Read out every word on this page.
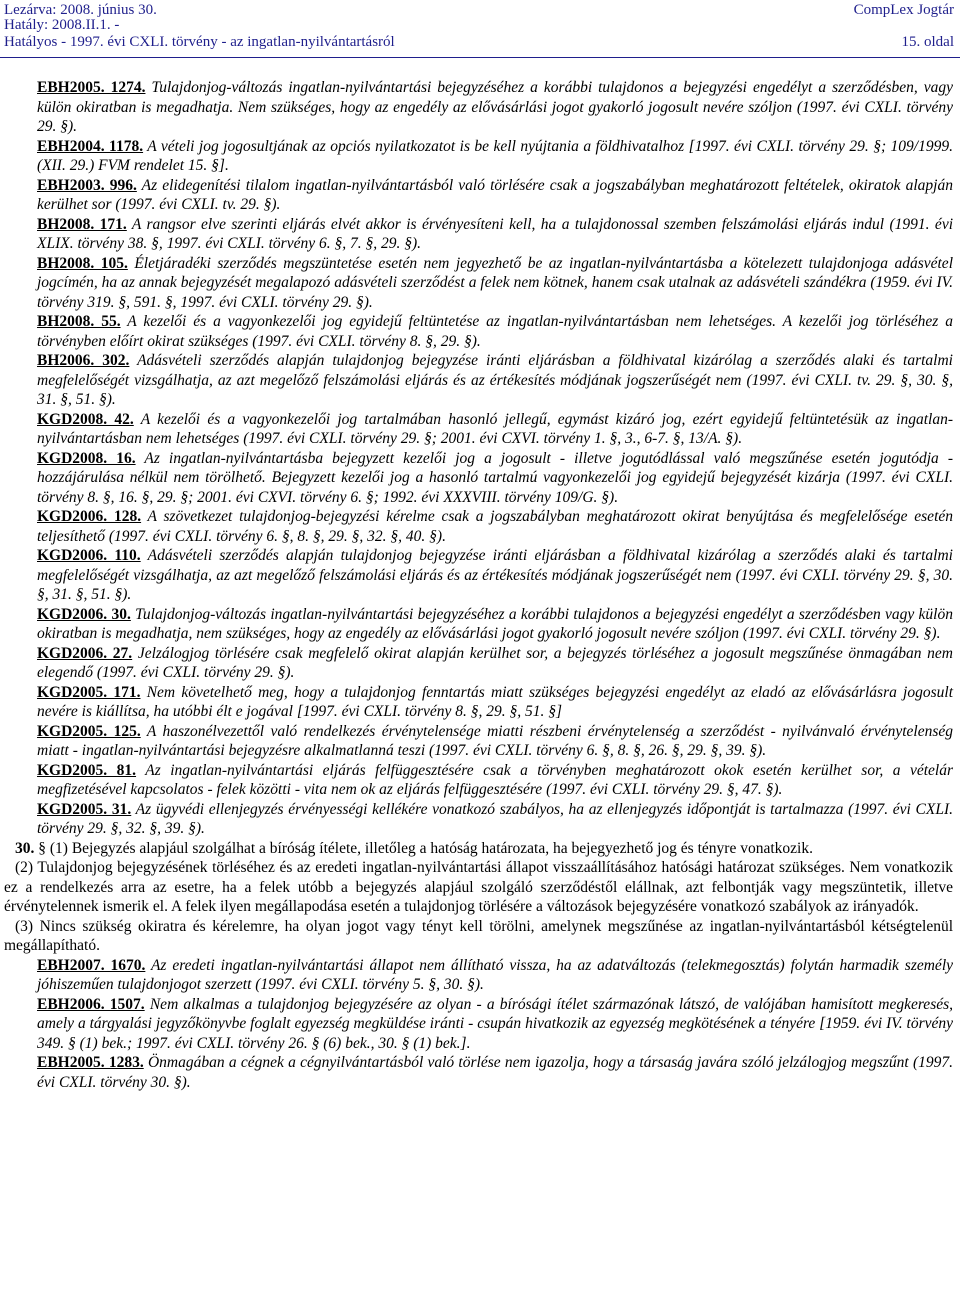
Lezárva: 2008. június 30.
Hatály: 2008.II.1. -
Hatályos - 1997. évi CXLI. törvény - az ingatlan-nyilvántartásról
CompLex Jogtár
15. oldal

EBH2005. 1274. Tulajdonjog-változás ingatlan-nyilvántartási bejegyzéséhez a korábbi tulajdonos a bejegyzési engedélyt a szerződésben, vagy külön okiratban is megadhatja. Nem szükséges, hogy az engedély az elővásárlási jogot gyakorló jogosult nevére szóljon (1997. évi CXLI. törvény 29. §).

EBH2004. 1178. A vételi jog jogosultjának az opciós nyilatkozatot is be kell nyújtania a földhivatalhoz [1997. évi CXLI. törvény 29. §; 109/1999. (XII. 29.) FVM rendelet 15. §].

EBH2003. 996. Az elidegenítési tilalom ingatlan-nyilvántartásból való törlésére csak a jogszabályban meghatározott feltételek, okiratok alapján kerülhet sor (1997. évi CXLI. tv. 29. §).

BH2008. 171. A rangsor elve szerinti eljárás elvét akkor is érvényesíteni kell, ha a tulajdonossal szemben felszámolási eljárás indul (1991. évi XLIX. törvény 38. §, 1997. évi CXLI. törvény 6. §, 7. §, 29. §).

BH2008. 105. Életjáradéki szerződés megszüntetése esetén nem jegyezhető be az ingatlan-nyilvántartásba a kötelezett tulajdonjoga adásvétel jogcímén, ha az annak bejegyzését megalapozó adásvételi szerződést a felek nem kötnek, hanem csak utalnak az adásvételi szándékra (1959. évi IV. törvény 319. §, 591. §, 1997. évi CXLI. törvény 29. §).

BH2008. 55. A kezelői és a vagyonkezelői jog egyidejű feltüntetése az ingatlan-nyilvántartásban nem lehetséges. A kezelői jog törléséhez a törvényben előírt okirat szükséges (1997. évi CXLI. törvény 8. §, 29. §).

BH2006. 302. Adásvételi szerződés alapján tulajdonjog bejegyzése iránti eljárásban a földhivatal kizárólag a szerződés alaki és tartalmi megfelelőségét vizsgálhatja, az azt megelőző felszámolási eljárás és az értékesítés módjának jogszerűségét nem (1997. évi CXLI. tv. 29. §, 30. §, 31. §, 51. §).

KGD2008. 42. A kezelői és a vagyonkezelői jog tartalmában hasonló jellegű, egymást kizáró jog, ezért egyidejű feltüntetésük az ingatlan-nyilvántartásban nem lehetséges (1997. évi CXLI. törvény 29. §; 2001. évi CXVI. törvény 1. §, 3., 6-7. §, 13/A. §).

KGD2008. 16. Az ingatlan-nyilvántartásba bejegyzett kezelői jog a jogosult - illetve jogutódlással való megszűnése esetén jogutódja - hozzájárulása nélkül nem törölhető. Bejegyzett kezelői jog a hasonló tartalmú vagyonkezelői jog egyidejű bejegyzését kizárja (1997. évi CXLI. törvény 8. §, 16. §, 29. §; 2001. évi CXVI. törvény 6. §; 1992. évi XXXVIII. törvény 109/G. §).

KGD2006. 128. A szövetkezet tulajdonjog-bejegyzési kérelme csak a jogszabályban meghatározott okirat benyújtása és megfelelősége esetén teljesíthető (1997. évi CXLI. törvény 6. §, 8. §, 29. §, 32. §, 40. §).

KGD2006. 110. Adásvételi szerződés alapján tulajdonjog bejegyzése iránti eljárásban a földhivatal kizárólag a szerződés alaki és tartalmi megfelelőségét vizsgálhatja, az azt megelőző felszámolási eljárás és az értékesítés módjának jogszerűségét nem (1997. évi CXLI. törvény 29. §, 30. §, 31. §, 51. §).

KGD2006. 30. Tulajdonjog-változás ingatlan-nyilvántartási bejegyzéséhez a korábbi tulajdonos a bejegyzési engedélyt a szerződésben vagy külön okiratban is megadhatja, nem szükséges, hogy az engedély az elővásárlási jogot gyakorló jogosult nevére szóljon (1997. évi CXLI. törvény 29. §).

KGD2006. 27. Jelzálogjog törlésére csak megfelelő okirat alapján kerülhet sor, a bejegyzés törléséhez a jogosult megszűnése önmagában nem elegendő (1997. évi CXLI. törvény 29. §).

KGD2005. 171. Nem követelhető meg, hogy a tulajdonjog fenntartás miatt szükséges bejegyzési engedélyt az eladó az elővásárlásra jogosult nevére is kiállítsa, ha utóbbi élt e jogával [1997. évi CXLI. törvény 8. §, 29. §, 51. §]

KGD2005. 125. A haszonélvezettől való rendelkezés érvénytelensége miatti részbeni érvénytelenség a szerződést - nyilvánvaló érvénytelenség miatt - ingatlan-nyilvántartási bejegyzésre alkalmatlanná teszi (1997. évi CXLI. törvény 6. §, 8. §, 26. §, 29. §, 39. §).

KGD2005. 81. Az ingatlan-nyilvántartási eljárás felfüggesztésére csak a törvényben meghatározott okok esetén kerülhet sor, a vételár megfizetésével kapcsolatos - felek közötti - vita nem ok az eljárás felfüggesztésére (1997. évi CXLI. törvény 29. §, 47. §).

KGD2005. 31. Az ügyvédi ellenjegyzés érvényességi kellékére vonatkozó szabályos, ha az ellenjegyzés időpontját is tartalmazza (1997. évi CXLI. törvény 29. §, 32. §, 39. §).

30. § (1) Bejegyzés alapjául szolgálhat a bíróság ítélete, illetőleg a hatóság határozata, ha bejegyezhető jog és tényre vonatkozik.

(2) Tulajdonjog bejegyzésének törléséhez és az eredeti ingatlan-nyilvántartási állapot visszaállításához hatósági határozat szükséges. Nem vonatkozik ez a rendelkezés arra az esetre, ha a felek utóbb a bejegyzés alapjául szolgáló szerződéstől elállnak, azt felbontják vagy megszüntetik, illetve érvénytelennek ismerik el. A felek ilyen megállapodása esetén a tulajdonjog törlésére a változások bejegyzésére vonatkozó szabályok az irányadók.

(3) Nincs szükség okiratra és kérelemre, ha olyan jogot vagy tényt kell törölni, amelynek megszűnése az ingatlan-nyilvántartásból kétségtelenül megállapítható.

EBH2007. 1670. Az eredeti ingatlan-nyilvántartási állapot nem állítható vissza, ha az adatváltozás (telekmegosztás) folytán harmadik személy jóhiszeműen tulajdonjogot szerzett (1997. évi CXLI. törvény 5. §, 30. §).

EBH2006. 1507. Nem alkalmas a tulajdonjog bejegyzésére az olyan - a bírósági ítélet származónak látszó, de valójában hamisított megkeresés, amely a tárgyalási jegyzőkönyvbe foglalt egyezség megküldése iránti - csupán hivatkozik az egyezség megkötésének a tényére [1959. évi IV. törvény 349. § (1) bek.; 1997. évi CXLI. törvény 26. § (6) bek., 30. § (1) bek.].

EBH2005. 1283. Önmagában a cégnek a cégnyilvántartásból való törlése nem igazolja, hogy a társaság javára szóló jelzálogjog megszűnt (1997. évi CXLI. törvény 30. §).
